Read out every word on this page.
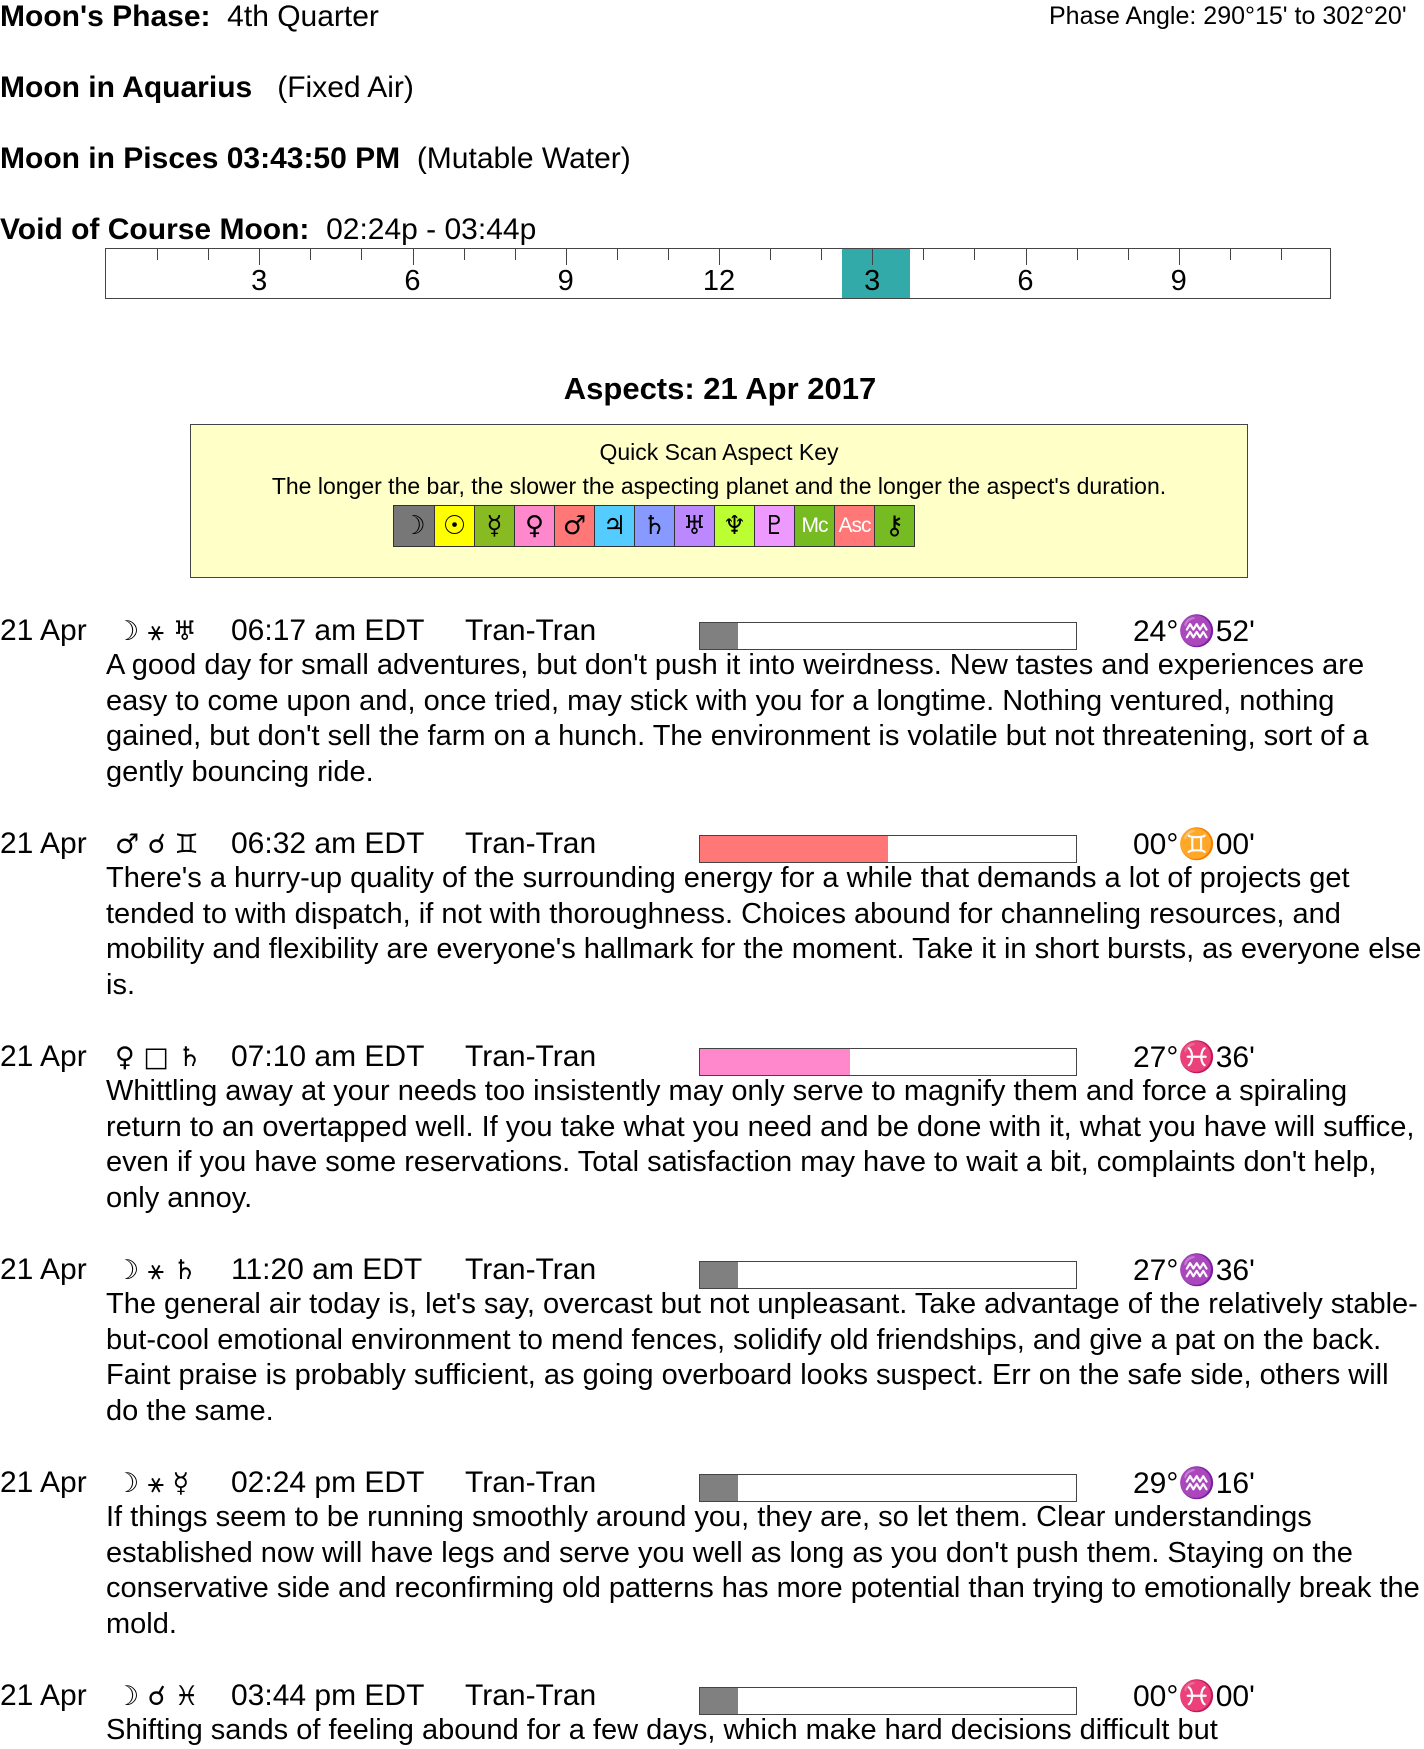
Moon's Phase: 4th Quarter	Phase Angle: 290°15' to 302°20'
Moon in Aquarius (Fixed Air)
Moon in Pisces 03:43:50 PM (Mutable Water)
Void of Course Moon: 02:24p - 03:44p
3	6	9	12	3	6	9
Aspects: 21 Apr 2017
Quick Scan Aspect Key
The longer the bar, the slower the aspecting planet and the longer the aspect's duration.
☽ ☉ ☿ ♀ ♂ ♃ ♄ ♅ ♆ ♇ Mc Asc ⚷
21 Apr ☽ ⚹ ♅ 06:17 am EDT Tran-Tran	24°♒52'
A good day for small adventures, but don't push it into weirdness. New tastes and experiences are easy to come upon and, once tried, may stick with you for a longtime. Nothing ventured, nothing gained, but don't sell the farm on a hunch. The environment is volatile but not threatening, sort of a gently bouncing ride.
21 Apr ♂ ☌ ♊ 06:32 am EDT Tran-Tran	00°♊00'
There's a hurry-up quality of the surrounding energy for a while that demands a lot of projects get tended to with dispatch, if not with thoroughness. Choices abound for channeling resources, and mobility and flexibility are everyone's hallmark for the moment. Take it in short bursts, as everyone else is.
21 Apr ♀ □ ♄ 07:10 am EDT Tran-Tran	27°♓36'
Whittling away at your needs too insistently may only serve to magnify them and force a spiraling return to an overtapped well. If you take what you need and be done with it, what you have will suffice, even if you have some reservations. Total satisfaction may have to wait a bit, complaints don't help, only annoy.
21 Apr ☽ ⚹ ♄ 11:20 am EDT Tran-Tran	27°♒36'
The general air today is, let's say, overcast but not unpleasant. Take advantage of the relatively stable-but-cool emotional environment to mend fences, solidify old friendships, and give a pat on the back. Faint praise is probably sufficient, as going overboard looks suspect. Err on the safe side, others will do the same.
21 Apr ☽ ⚹ ☿ 02:24 pm EDT Tran-Tran	29°♒16'
If things seem to be running smoothly around you, they are, so let them. Clear understandings established now will have legs and serve you well as long as you don't push them. Staying on the conservative side and reconfirming old patterns has more potential than trying to emotionally break the mold.
21 Apr ☽ ☌ ♓ 03:44 pm EDT Tran-Tran	00°♓00'
Shifting sands of feeling abound for a few days, which make hard decisions difficult but
